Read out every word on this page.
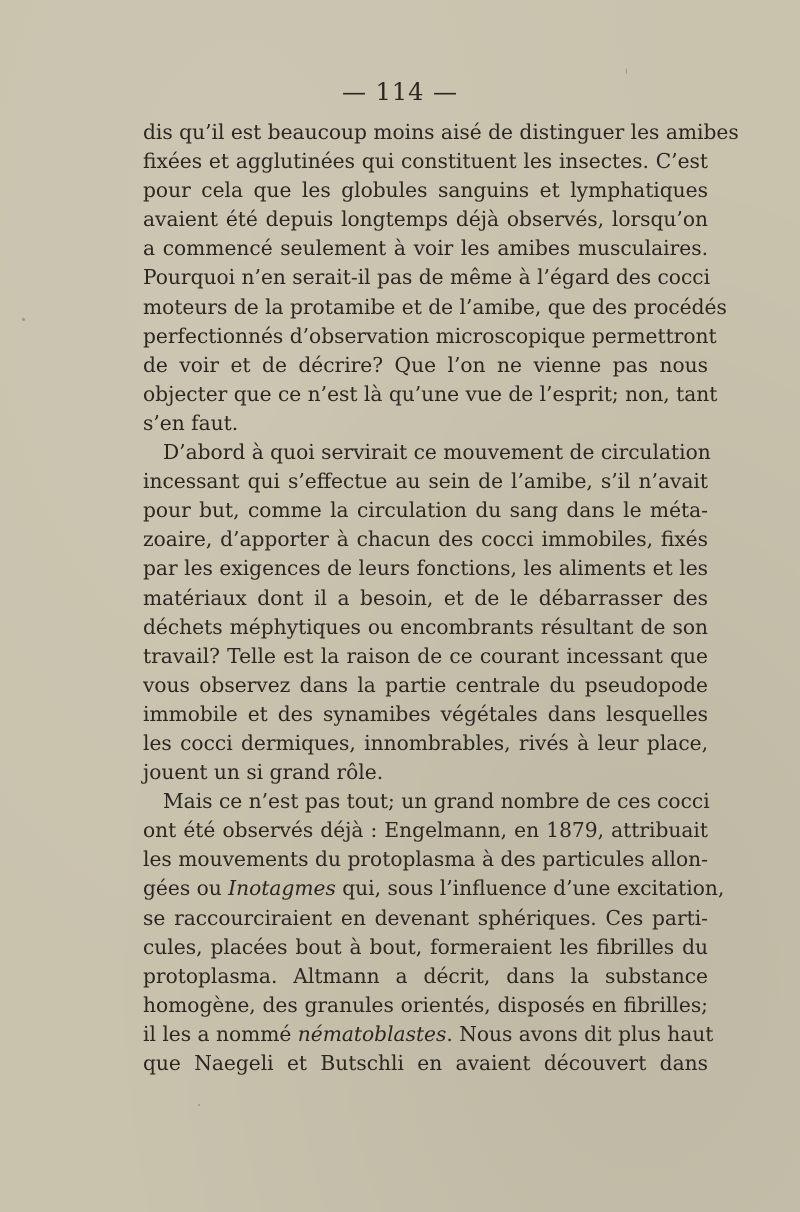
— 114 —
dis qu’il est beaucoup moins aisé de distinguer les amibes
fixées et agglutinées qui constituent les insectes. C’est
pour cela que les globules sanguins et lymphatiques
avaient été depuis longtemps déjà observés, lorsqu’on
a commencé seulement à voir les amibes musculaires.
Pourquoi n’en serait-il pas de même à l’égard des cocci
moteurs de la protamibe et de l’amibe, que des procédés
perfectionnés d’observation microscopique permettront
de voir et de décrire? Que l’on ne vienne pas nous
objecter que ce n’est là qu’une vue de l’esprit; non, tant
s’en faut.
D’abord à quoi servirait ce mouvement de circulation
incessant qui s’effectue au sein de l’amibe, s’il n’avait
pour but, comme la circulation du sang dans le méta-
zoaire, d’apporter à chacun des cocci immobiles, fixés
par les exigences de leurs fonctions, les aliments et les
matériaux dont il a besoin, et de le débarrasser des
déchets méphytiques ou encombrants résultant de son
travail? Telle est la raison de ce courant incessant que
vous observez dans la partie centrale du pseudopode
immobile et des synamibes végétales dans lesquelles
les cocci dermiques, innombrables, rivés à leur place,
jouent un si grand rôle.
Mais ce n’est pas tout; un grand nombre de ces cocci
ont été observés déjà : Engelmann, en 1879, attribuait
les mouvements du protoplasma à des particules allon-
gées ou Inotagmes qui, sous l’influence d’une excitation,
se raccourciraient en devenant sphériques. Ces parti-
cules, placées bout à bout, formeraient les fibrilles du
protoplasma. Altmann a décrit, dans la substance
homogène, des granules orientés, disposés en fibrilles;
il les a nommé nématoblastes. Nous avons dit plus haut
que Naegeli et Butschli en avaient découvert dans
